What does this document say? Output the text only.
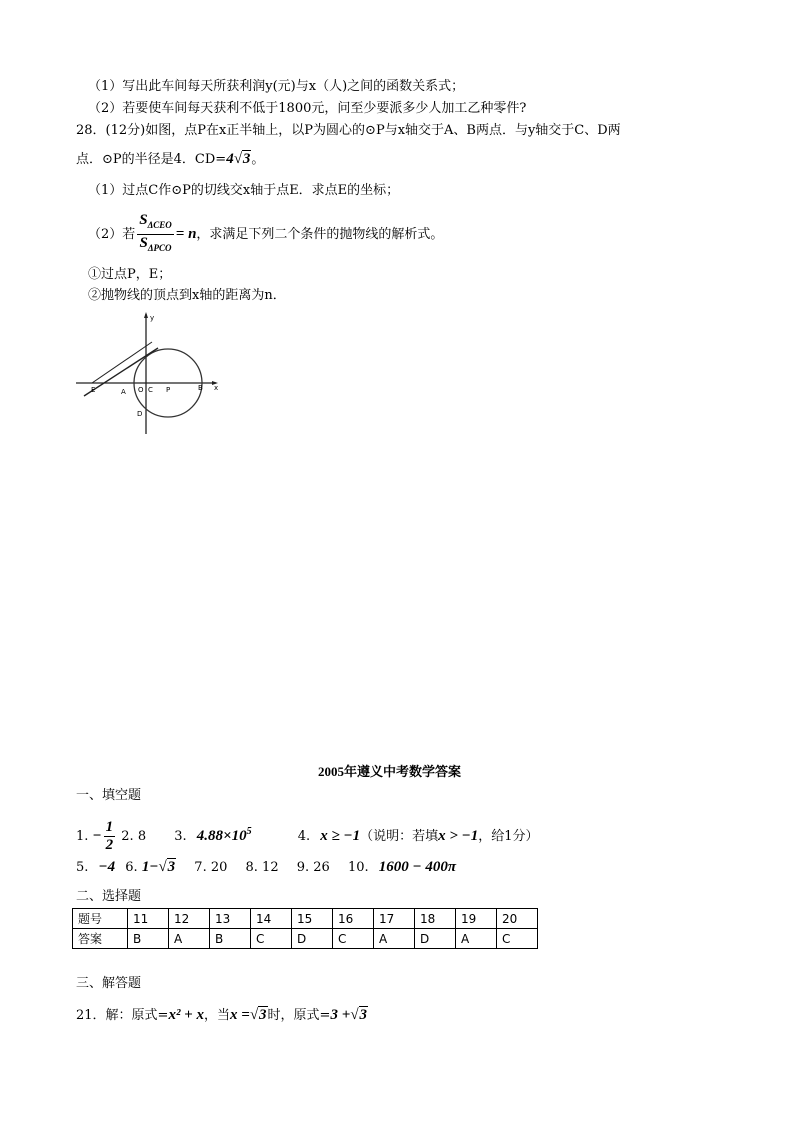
（1）写出此车间每天所获利润y(元)与x（人)之间的函数关系式；
（2）若要使车间每天获利不低于1800元，问至少要派多少人加工乙种零件?
28．(12分)如图，点P在x正半轴上，以P为圆心的⊙P与x轴交于A、B两点．与y轴交于C、D两
点．⊙P的半径是4．CD=4√3。
（1）过点C作⊙P的切线交x轴于点E．求点E的坐标；
（2）若 $\frac{S_{\Delta CEO}}{S_{\Delta PCO}} = n$，求满足下列二个条件的抛物线的解析式。
①过点P，E；
②抛物线的顶点到x轴的距离为n．
y
x
E	A O C P	B
D
2005年遵义中考数学答案
一、填空题
1. − $\frac{1}{2} 2$. 8 3. $4.88\times 10^5$	4. x ≥ −1（说明：若填x > −1，给1分）
5. −4 6. 1−√3 7. 20 8. 12 9. 26 10. 1600 − 400π
二、选择题
题号	11	12	13	14	15	16	17	18	19	20
答案	B	A	B	C	D	C	A	D	A	C
三、解答题
21．解：原式=x² + x，当x =√3时，原式=3 +√3
